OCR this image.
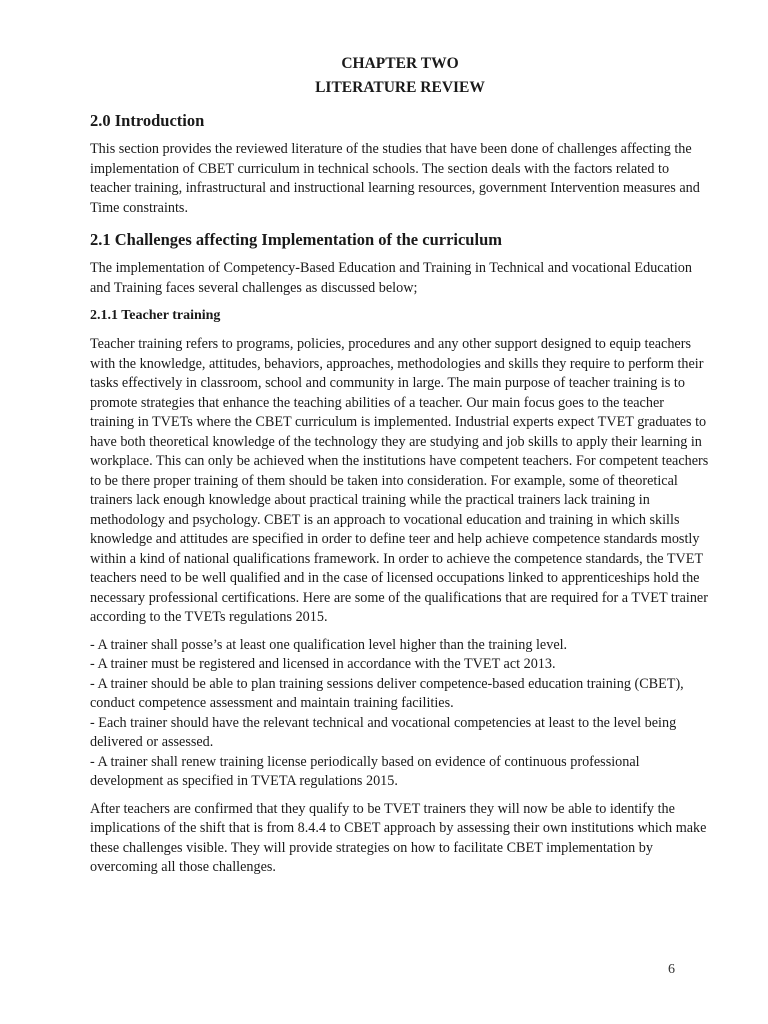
CHAPTER TWO

LITERATURE REVIEW

2.0 Introduction

This section provides the reviewed literature of the studies that have been done of challenges affecting the implementation of CBET curriculum in technical schools. The section deals with the factors related to teacher training, infrastructural and instructional learning resources, government Intervention measures and Time constraints.

2.1 Challenges affecting Implementation of the curriculum

The implementation of Competency-Based Education and Training in Technical and vocational Education and Training faces several challenges as discussed below;

2.1.1 Teacher training

Teacher training refers to programs, policies, procedures and any other support designed to equip teachers with the knowledge, attitudes, behaviors, approaches, methodologies and skills they require to perform their tasks effectively in classroom, school and community in large. The main purpose of teacher training is to promote strategies that enhance the teaching abilities of a teacher. Our main focus goes to the teacher training in TVETs where the CBET curriculum is implemented. Industrial experts expect TVET graduates to have both theoretical knowledge of the technology they are studying and job skills to apply their learning in workplace. This can only be achieved when the institutions have competent teachers. For competent teachers to be there proper training of them should be taken into consideration. For example, some of theoretical trainers lack enough knowledge about practical training while the practical trainers lack training in methodology and psychology. CBET is an approach to vocational education and training in which skills knowledge and attitudes are specified in order to define teer and help achieve competence standards mostly within a kind of national qualifications framework. In order to achieve the competence standards, the TVET teachers need to be well qualified and in the case of licensed occupations linked to apprenticeships hold the necessary professional certifications. Here are some of the qualifications that are required for a TVET trainer according to the TVETs regulations 2015.

- A trainer shall posse’s at least one qualification level higher than the training level.

- A trainer must be registered and licensed in accordance with the TVET act 2013.

- A trainer should be able to plan training sessions deliver competence-based education training (CBET), conduct competence assessment and maintain training facilities.

- Each trainer should have the relevant technical and vocational competencies at least to the level being delivered or assessed.

- A trainer shall renew training license periodically based on evidence of continuous professional development as specified in TVETA regulations 2015.

After teachers are confirmed that they qualify to be TVET trainers they will now be able to identify the implications of the shift that is from 8.4.4 to CBET approach by assessing their own institutions which make these challenges visible. They will provide strategies on how to facilitate CBET implementation by overcoming all those challenges.

6
